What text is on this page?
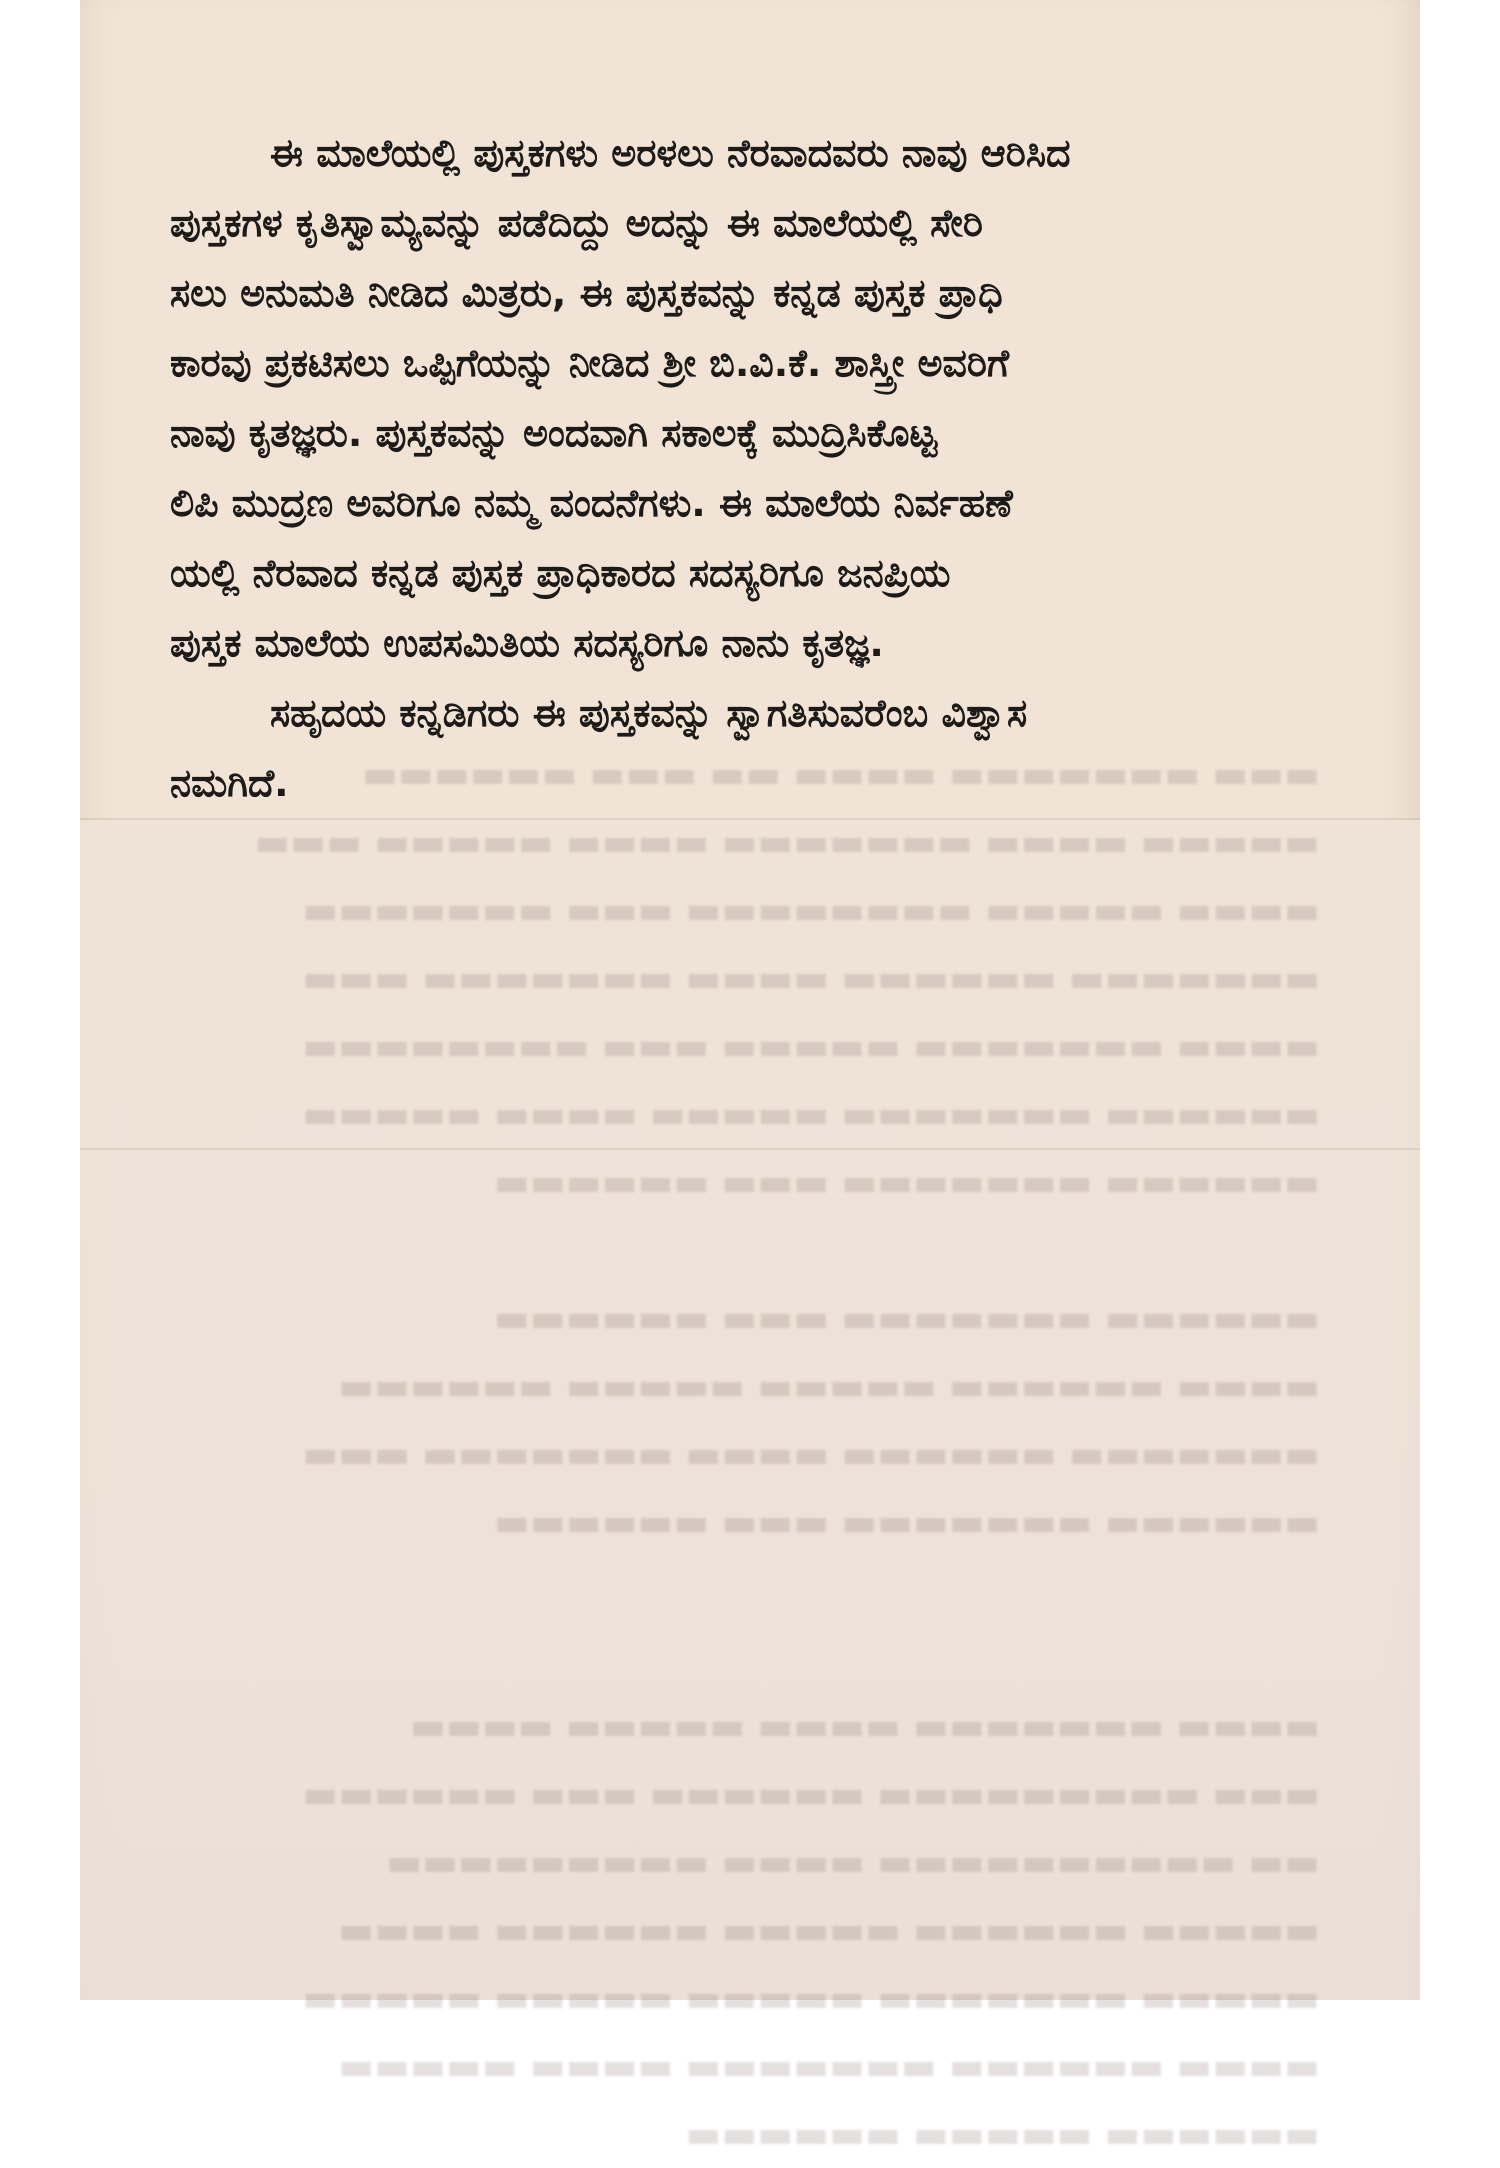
▬▬▬ ▬▬▬▬▬▬▬ ▬▬▬▬ ▬▬ ▬▬▬ ▬▬▬▬▬▬
▬▬▬▬▬ ▬▬▬▬ ▬▬▬▬▬▬▬ ▬▬▬▬ ▬▬▬▬▬ ▬▬▬
▬▬▬▬ ▬▬▬▬▬ ▬▬▬▬▬▬▬▬ ▬▬▬ ▬▬▬▬▬▬▬
▬▬▬▬▬▬▬ ▬▬▬▬▬▬ ▬▬▬▬ ▬▬▬▬▬▬▬ ▬▬▬
▬▬▬▬ ▬▬▬▬▬▬▬ ▬▬▬▬▬ ▬▬▬ ▬▬▬▬▬▬▬▬
▬▬▬▬▬▬ ▬▬▬▬▬▬▬ ▬▬▬▬▬ ▬▬▬▬ ▬▬▬▬▬
▬▬▬▬▬▬ ▬▬▬▬▬▬▬ ▬▬▬ ▬▬▬▬▬▬

▬▬▬▬▬▬ ▬▬▬▬▬▬▬ ▬▬▬ ▬▬▬▬▬▬
▬▬▬▬ ▬▬▬▬▬▬ ▬▬▬▬▬ ▬▬▬▬▬ ▬▬▬▬▬▬
▬▬▬▬▬▬▬ ▬▬▬▬▬▬ ▬▬▬▬ ▬▬▬▬▬▬▬ ▬▬▬
▬▬▬▬▬▬ ▬▬▬▬▬▬▬ ▬▬▬ ▬▬▬▬▬▬

▬▬▬▬ ▬▬▬▬▬▬▬ ▬▬▬▬ ▬▬▬▬▬ ▬▬▬▬
▬▬▬ ▬▬▬▬▬▬▬▬▬ ▬▬▬▬▬▬ ▬▬▬ ▬▬▬▬▬▬
▬▬ ▬▬▬▬▬▬▬▬▬▬ ▬▬▬▬ ▬▬▬▬▬▬▬▬▬
▬▬▬▬▬ ▬▬▬▬▬▬ ▬▬▬▬▬ ▬▬▬▬▬▬ ▬▬▬▬
▬▬▬▬▬ ▬▬▬▬▬▬▬ ▬▬▬▬▬ ▬▬▬▬▬ ▬▬▬▬▬
▬▬▬▬ ▬▬▬▬▬▬ ▬▬▬▬▬▬▬ ▬▬▬▬ ▬▬▬▬▬
▬▬▬▬▬▬ ▬▬▬▬▬ ▬▬▬▬▬▬

ಈ ಮಾಲೆಯಲ್ಲಿ ಪುಸ್ತಕಗಳು ಅರಳಲು ನೆರವಾದವರು ನಾವು ಆರಿಸಿದ
ಪುಸ್ತಕಗಳ ಕೃತಿಸ್ವಾಮ್ಯವನ್ನು ಪಡೆದಿದ್ದು ಅದನ್ನು ಈ ಮಾಲೆಯಲ್ಲಿ ಸೇರಿ
ಸಲು ಅನುಮತಿ ನೀಡಿದ ಮಿತ್ರರು, ಈ ಪುಸ್ತಕವನ್ನು ಕನ್ನಡ ಪುಸ್ತಕ ಪ್ರಾಧಿ
ಕಾರವು ಪ್ರಕಟಿಸಲು ಒಪ್ಪಿಗೆಯನ್ನು ನೀಡಿದ ಶ್ರೀ ಬಿ.ವಿ.ಕೆ. ಶಾಸ್ತ್ರೀ ಅವರಿಗೆ
ನಾವು ಕೃತಜ್ಞರು. ಪುಸ್ತಕವನ್ನು ಅಂದವಾಗಿ ಸಕಾಲಕ್ಕೆ ಮುದ್ರಿಸಿಕೊಟ್ಟ
ಲಿಪಿ ಮುದ್ರಣ ಅವರಿಗೂ ನಮ್ಮ ವಂದನೆಗಳು. ಈ ಮಾಲೆಯ ನಿರ್ವಹಣೆ
ಯಲ್ಲಿ ನೆರವಾದ ಕನ್ನಡ ಪುಸ್ತಕ ಪ್ರಾಧಿಕಾರದ ಸದಸ್ಯರಿಗೂ ಜನಪ್ರಿಯ
ಪುಸ್ತಕ ಮಾಲೆಯ ಉಪಸಮಿತಿಯ ಸದಸ್ಯರಿಗೂ ನಾನು ಕೃತಜ್ಞ.

ಸಹೃದಯ ಕನ್ನಡಿಗರು ಈ ಪುಸ್ತಕವನ್ನು ಸ್ವಾಗತಿಸುವರೆಂಬ ವಿಶ್ವಾಸ
ನಮಗಿದೆ.
